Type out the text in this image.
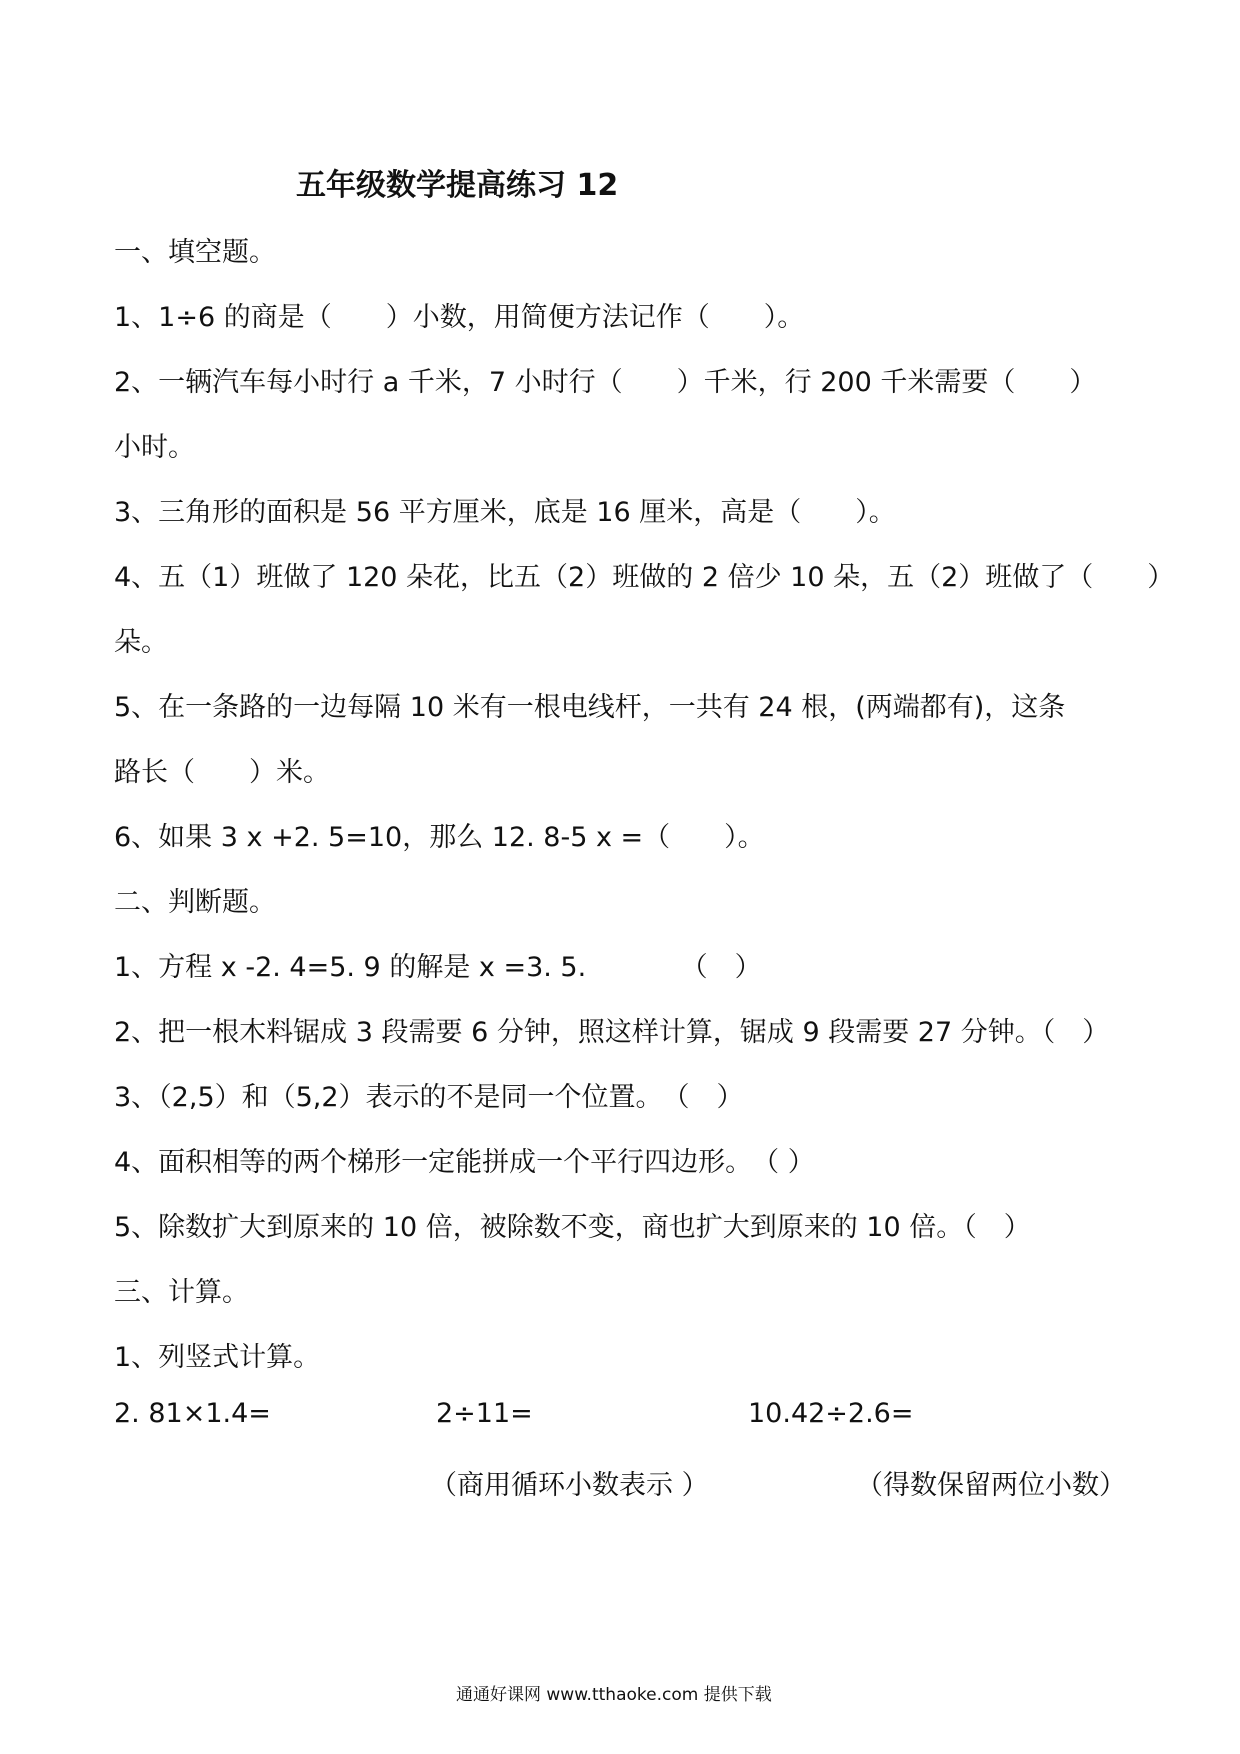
五年级数学提高练习 12
一、填空题。
1、1÷6 的商是（　　）小数，用简便方法记作（　　）。
2、一辆汽车每小时行 a 千米，7 小时行（　　）千米，行 200 千米需要（　　）
小时。
3、三角形的面积是 56 平方厘米，底是 16 厘米，高是（　　）。
4、五（1）班做了 120 朵花，比五（2）班做的 2 倍少 10 朵，五（2）班做了（　　）
朵。
5、在一条路的一边每隔 10 米有一根电线杆，一共有 24 根，(两端都有)，这条
路长（　　）米。
6、如果 3 x +2. 5=10，那么 12. 8-5 x =（　　）。
二、判断题。
1、方程 x -2. 4=5. 9 的解是 x =3. 5.　　　　（　）
2、把一根木料锯成 3 段需要 6 分钟，照这样计算，锯成 9 段需要 27 分钟。（　）
3、（2,5）和（5,2）表示的不是同一个位置。　（　）
4、面积相等的两个梯形一定能拼成一个平行四边形。　（ ）
5、除数扩大到原来的 10 倍，被除数不变，商也扩大到原来的 10 倍。（　）
三、计算。
1、列竖式计算。
2. 81×1.4=	2÷11=	10.42÷2.6=
（商用循环小数表示 ）	（得数保留两位小数）
通通好课网 www.tthaoke.com 提供下载
